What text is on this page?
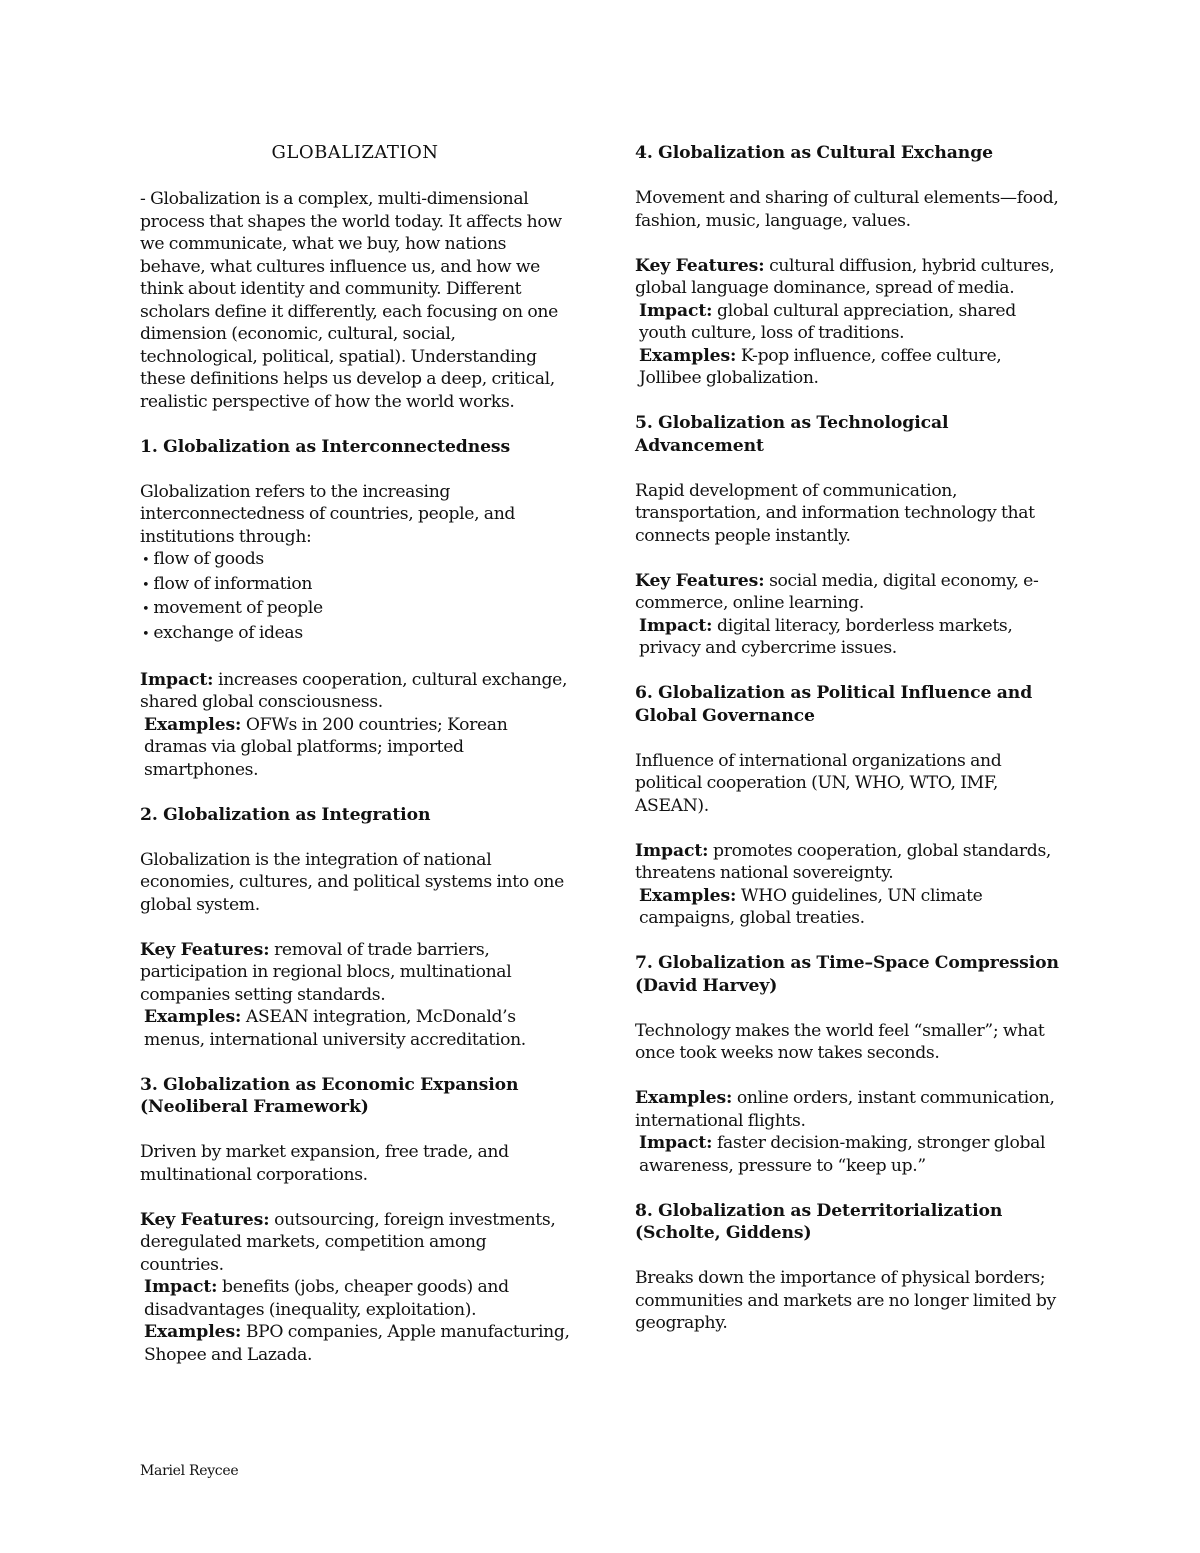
GLOBALIZATION

- Globalization is a complex, multi-dimensional process that shapes the world today. It affects how we communicate, what we buy, how nations behave, what cultures influence us, and how we think about identity and community. Different scholars define it differently, each focusing on one dimension (economic, cultural, social, technological, political, spatial). Understanding these definitions helps us develop a deep, critical, realistic perspective of how the world works.

1. Globalization as Interconnectedness

Globalization refers to the increasing interconnectedness of countries, people, and institutions through:

• flow of goods
• flow of information
• movement of people
• exchange of ideas

Impact: increases cooperation, cultural exchange, shared global consciousness.

Examples: OFWs in 200 countries; Korean dramas via global platforms; imported smartphones.

2. Globalization as Integration

Globalization is the integration of national economies, cultures, and political systems into one global system.

Key Features: removal of trade barriers, participation in regional blocs, multinational companies setting standards.

Examples: ASEAN integration, McDonald’s menus, international university accreditation.

3. Globalization as Economic Expansion (Neoliberal Framework)

Driven by market expansion, free trade, and multinational corporations.

Key Features: outsourcing, foreign investments, deregulated markets, competition among countries.

Impact: benefits (jobs, cheaper goods) and disadvantages (inequality, exploitation).

Examples: BPO companies, Apple manufacturing, Shopee and Lazada.

4. Globalization as Cultural Exchange

Movement and sharing of cultural elements—food, fashion, music, language, values.

Key Features: cultural diffusion, hybrid cultures, global language dominance, spread of media.

Impact: global cultural appreciation, shared youth culture, loss of traditions.

Examples: K-pop influence, coffee culture, Jollibee globalization.

5. Globalization as Technological Advancement

Rapid development of communication, transportation, and information technology that connects people instantly.

Key Features: social media, digital economy, e-commerce, online learning.

Impact: digital literacy, borderless markets, privacy and cybercrime issues.

6. Globalization as Political Influence and Global Governance

Influence of international organizations and political cooperation (UN, WHO, WTO, IMF, ASEAN).

Impact: promotes cooperation, global standards, threatens national sovereignty.

Examples: WHO guidelines, UN climate campaigns, global treaties.

7. Globalization as Time–Space Compression (David Harvey)

Technology makes the world feel “smaller”; what once took weeks now takes seconds.

Examples: online orders, instant communication, international flights.

Impact: faster decision-making, stronger global awareness, pressure to “keep up.”

8. Globalization as Deterritorialization (Scholte, Giddens)

Breaks down the importance of physical borders; communities and markets are no longer limited by geography.

Mariel Reycee
